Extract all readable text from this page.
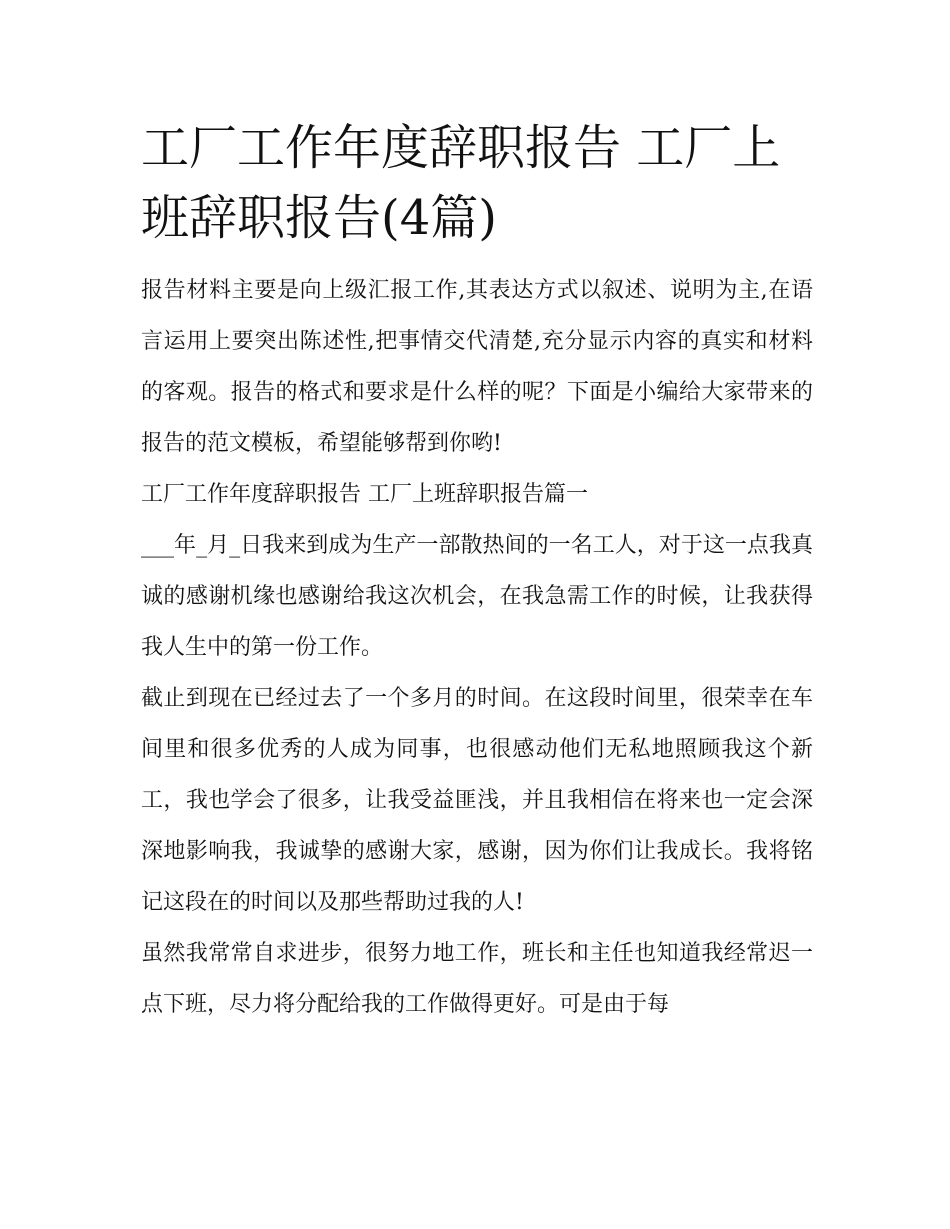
工厂工作年度辞职报告 工厂上班辞职报告(4篇)

报告材料主要是向上级汇报工作,其表达方式以叙述、说明为主,在语言运用上要突出陈述性,把事情交代清楚,充分显示内容的真实和材料的客观。报告的格式和要求是什么样的呢？下面是小编给大家带来的报告的范文模板，希望能够帮到你哟!

工厂工作年度辞职报告 工厂上班辞职报告篇一

___年_月_日我来到成为生产一部散热间的一名工人，对于这一点我真诚的感谢机缘也感谢给我这次机会，在我急需工作的时候，让我获得我人生中的第一份工作。

截止到现在已经过去了一个多月的时间。在这段时间里，很荣幸在车间里和很多优秀的人成为同事，也很感动他们无私地照顾我这个新工，我也学会了很多，让我受益匪浅，并且我相信在将来也一定会深深地影响我，我诚挚的感谢大家，感谢，因为你们让我成长。我将铭记这段在的时间以及那些帮助过我的人!

虽然我常常自求进步，很努力地工作，班长和主任也知道我经常迟一点下班，尽力将分配给我的工作做得更好。可是由于每
